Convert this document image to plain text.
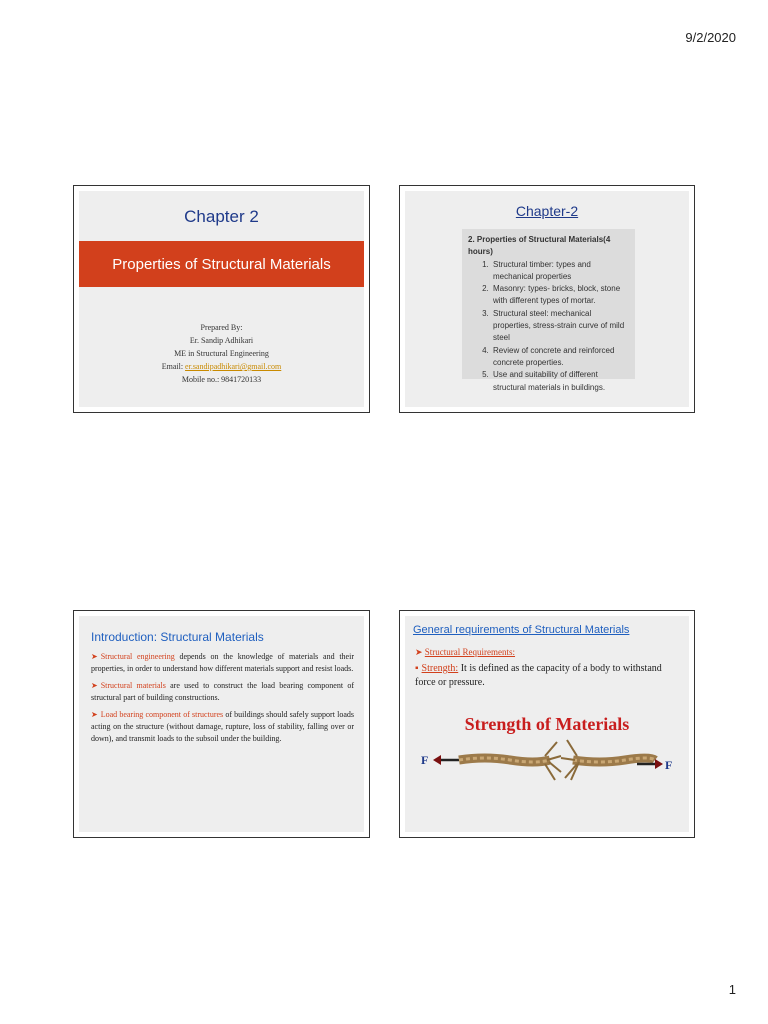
9/2/2020
Chapter 2
Properties of Structural Materials
Prepared By:
Er. Sandip Adhikari
ME in Structural Engineering
Email: er.sandipadhikari@gmail.com
Mobile no.: 9841720133
Chapter-2
2. Properties of Structural Materials(4 hours)
1. Structural timber: types and mechanical properties
2. Masonry: types- bricks, block, stone with different types of mortar.
3. Structural steel: mechanical properties, stress-strain curve of mild steel
4. Review of concrete and reinforced concrete properties.
5. Use and suitability of different structural materials in buildings.
Introduction: Structural Materials
➤ Structural engineering depends on the knowledge of materials and their properties, in order to understand how different materials support and resist loads.
➤ Structural materials are used to construct the load bearing component of structural part of building constructions.
➤ Load bearing component of structures of buildings should safely support loads acting on the structure (without damage, rupture, loss of stability, falling over or down), and transmit loads to the subsoil under the building.
General requirements of Structural Materials
➤ Structural Requirements:
▪ Strength: It is defined as the capacity of a body to withstand force or pressure.
Strength of Materials
F	F
1
